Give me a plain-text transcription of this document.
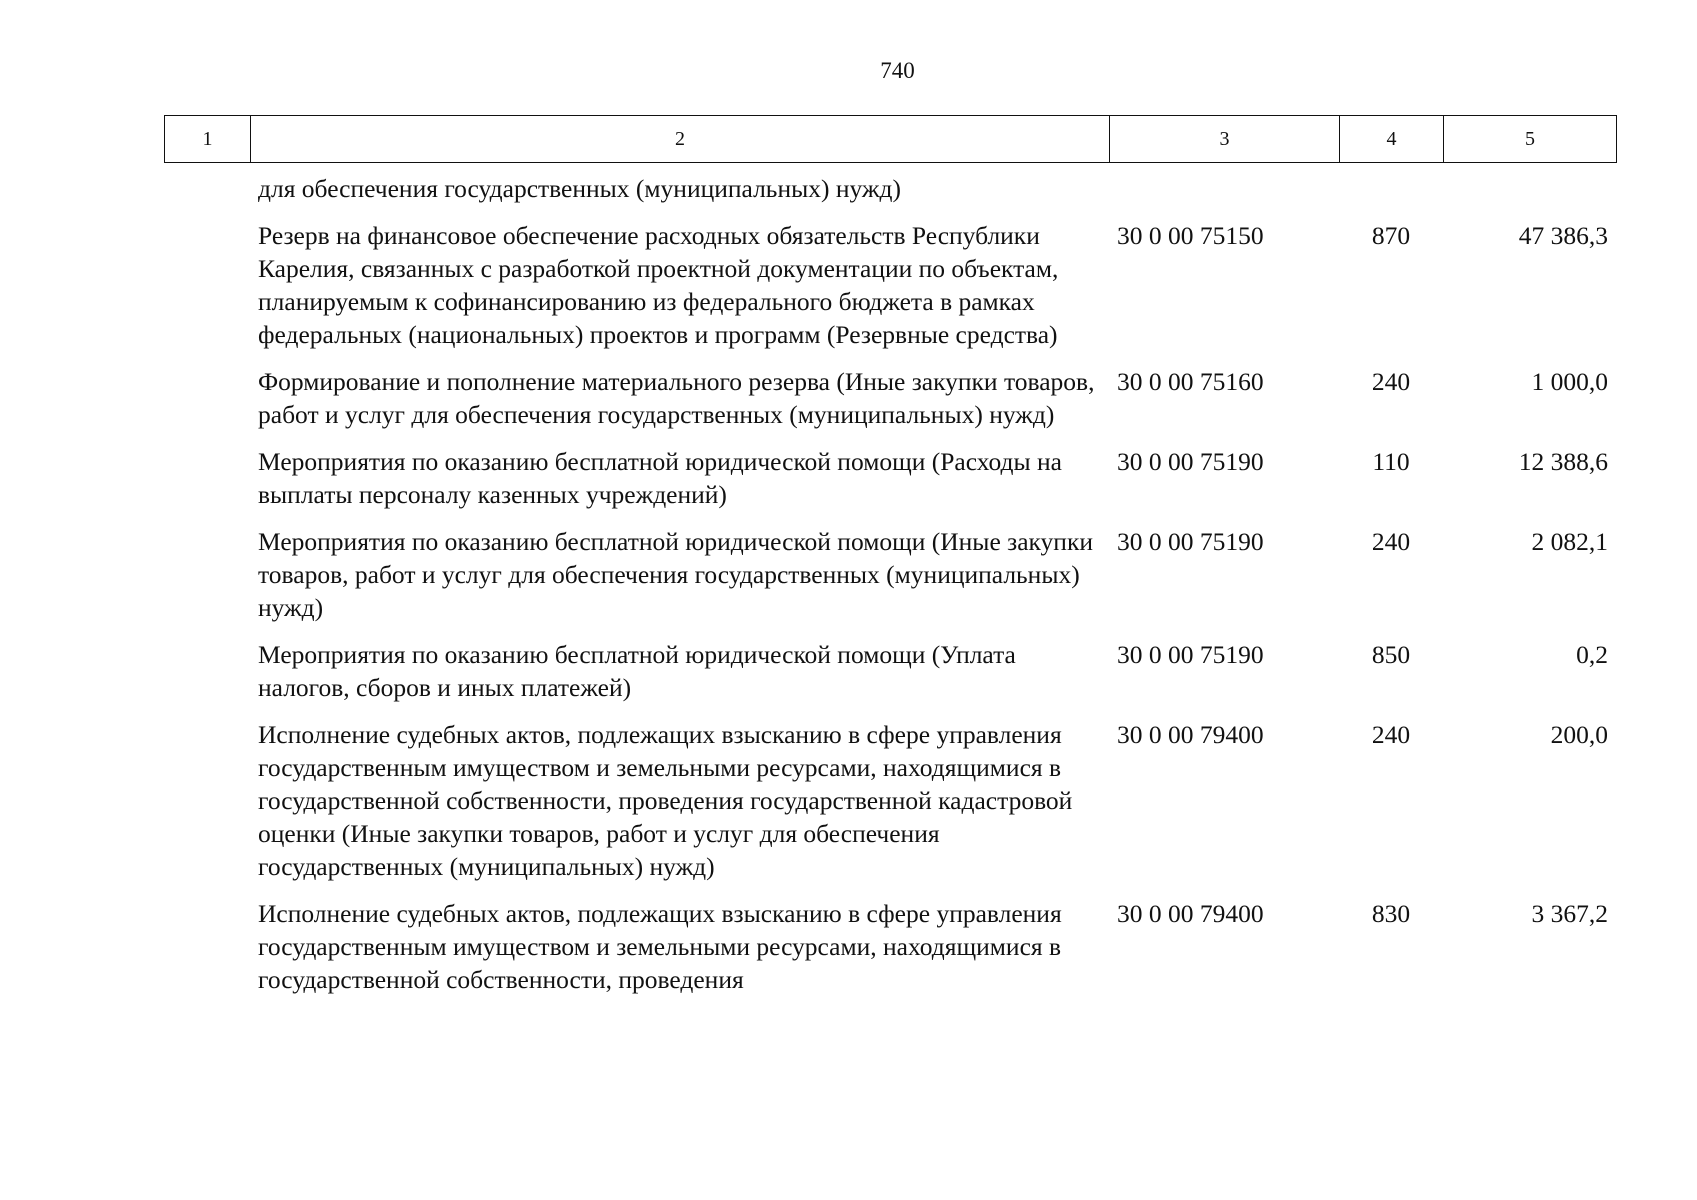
740
1	2	3	4	5
	для обеспечения государственных (муниципальных) нужд)			
	Резерв на финансовое обеспечение расходных обязательств Республики Карелия, связанных с разработкой проектной документации по объектам, планируемым к софинансированию из федерального бюджета в рамках федеральных (национальных) проектов и программ (Резервные средства)	30 0 00 75150	870	47 386,3
	Формирование и пополнение материального резерва (Иные закупки товаров, работ и услуг для обеспечения государственных (муниципальных) нужд)	30 0 00 75160	240	1 000,0
	Мероприятия по оказанию бесплатной юридической помощи (Расходы на выплаты персоналу казенных учреждений)	30 0 00 75190	110	12 388,6
	Мероприятия по оказанию бесплатной юридической помощи (Иные закупки товаров, работ и услуг для обеспечения государственных (муниципальных) нужд)	30 0 00 75190	240	2 082,1
	Мероприятия по оказанию бесплатной юридической помощи (Уплата налогов, сборов и иных платежей)	30 0 00 75190	850	0,2
	Исполнение судебных актов, подлежащих взысканию в сфере управления государственным имуществом и земельными ресурсами, находящимися в государственной собственности, проведения государственной кадастровой оценки (Иные закупки товаров, работ и услуг для обеспечения государственных (муниципальных) нужд)	30 0 00 79400	240	200,0
	Исполнение судебных актов, подлежащих взысканию в сфере управления государственным имуществом и земельными ресурсами, находящимися в государственной собственности, проведения	30 0 00 79400	830	3 367,2
